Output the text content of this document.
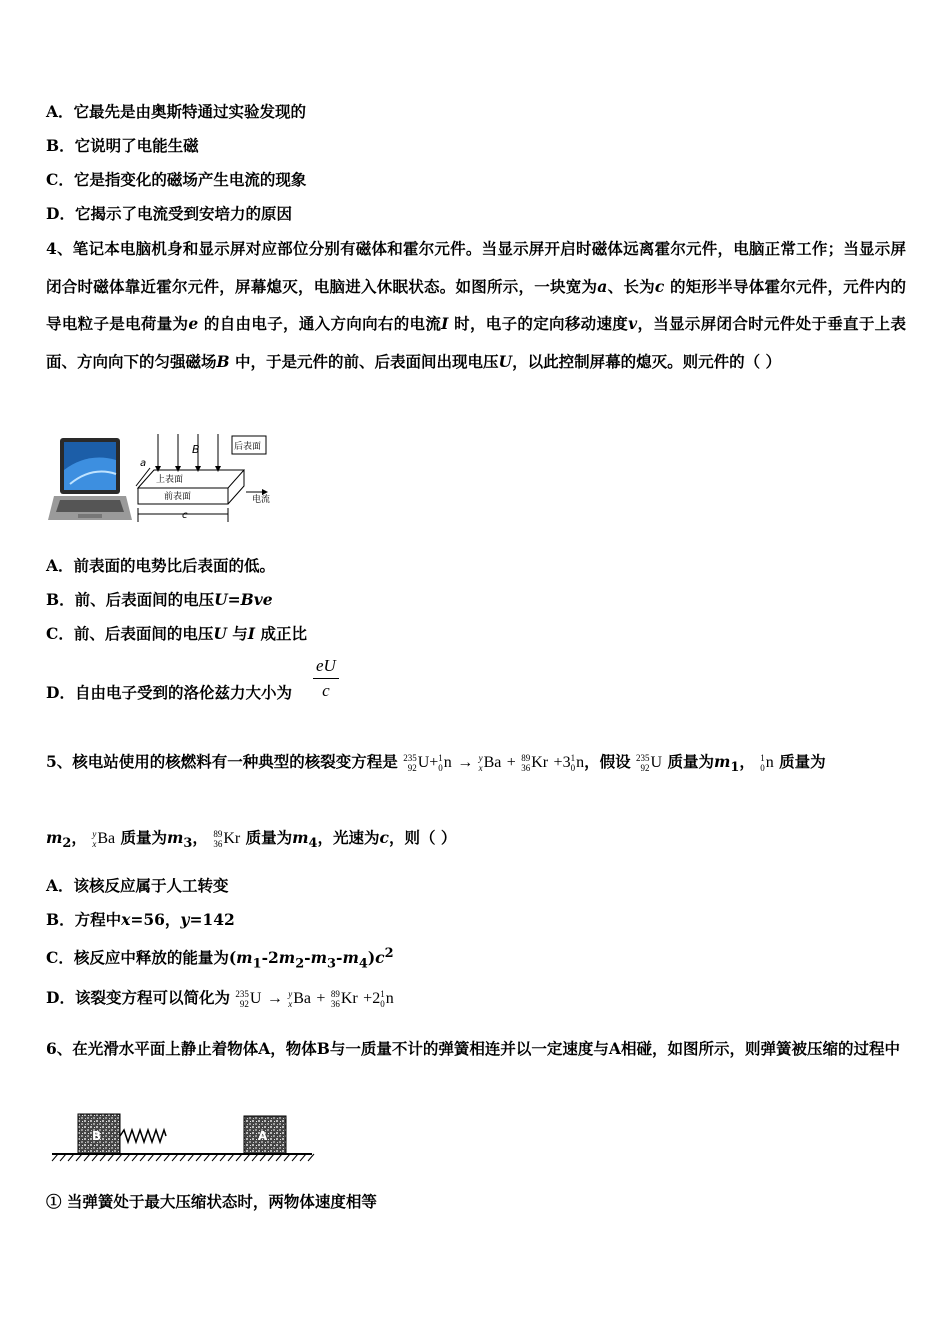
A．它最先是由奥斯特通过实验发现的
B．它说明了电能生磁
C．它是指变化的磁场产生电流的现象
D．它揭示了电流受到安培力的原因
4、笔记本电脑机身和显示屏对应部位分别有磁体和霍尔元件。当显示屏开启时磁体远离霍尔元件，电脑正常工作；当显示屏闭合时磁体靠近霍尔元件，屏幕熄灭，电脑进入休眠状态。如图所示，一块宽为a、长为c 的矩形半导体霍尔元件，元件内的导电粒子是电荷量为e 的自由电子，通入方向向右的电流I 时，电子的定向移动速度v，当显示屏闭合时元件处于垂直于上表面、方向向下的匀强磁场B 中，于是元件的前、后表面间出现电压U，以此控制屏幕的熄灭。则元件的（ ）
B	后表面
上表面
前表面	电流
a
c
A．前表面的电势比后表面的低。
B．前、后表面间的电压U=Bve
C．前、后表面间的电压U 与I 成正比
D．自由电子受到的洛伦兹力大小为 $\frac{eU}{c}$
5、核电站使用的核燃料有一种典型的核裂变方程是 235
92 U+ 1
0 n → y
x Ba + 89
36 Kr +3 1
0 n，假设 235
92 U 质量为$m_1$， 1
0 n 质量为
$m_2$， y
x Ba 质量为$m_3$， 89
36 Kr 质量为$m_4$，光速为c，则（ ）
A．该核反应属于人工转变
B．方程中x=56，y=142
C．核反应中释放的能量为$(m_1-2m_2-m_3-m_4)c^2$
D．该裂变方程可以简化为 235
92 U → y
x Ba + 89
36 Kr +2 1
0 n
6、在光滑水平面上静止着物体A，物体B与一质量不计的弹簧相连并以一定速度与A相碰，如图所示，则弹簧被压缩的过程中
B	A
① 当弹簧处于最大压缩状态时，两物体速度相等
